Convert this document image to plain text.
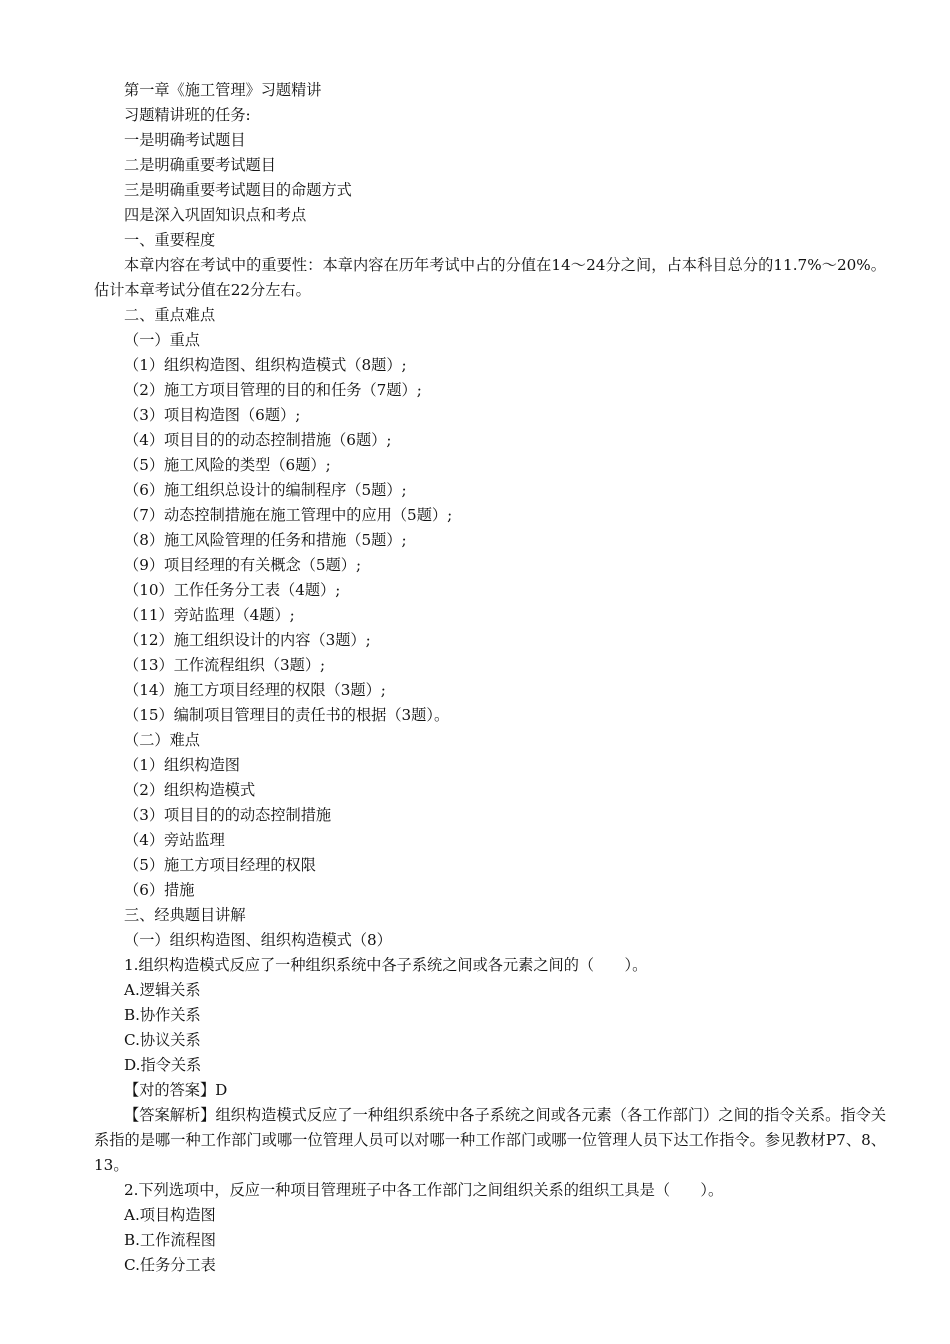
第一章《施工管理》习题精讲
习题精讲班的任务:
一是明确考试题目
二是明确重要考试题目
三是明确重要考试题目的命题方式
四是深入巩固知识点和考点
一、重要程度
本章内容在考试中的重要性：本章内容在历年考试中占的分值在14～24分之间，占本科目总分的11.7%～20%。估计本章考试分值在22分左右。
二、重点难点
（一）重点
（1）组织构造图、组织构造模式（8题）;
（2）施工方项目管理的目的和任务（7题）;
（3）项目构造图（6题）;
（4）项目目的的动态控制措施（6题）;
（5）施工风险的类型（6题）;
（6）施工组织总设计的编制程序（5题）;
（7）动态控制措施在施工管理中的应用（5题）;
（8）施工风险管理的任务和措施（5题）;
（9）项目经理的有关概念（5题）;
（10）工作任务分工表（4题）;
（11）旁站监理（4题）;
（12）施工组织设计的内容（3题）;
（13）工作流程组织（3题）;
（14）施工方项目经理的权限（3题）;
（15）编制项目管理目的责任书的根据（3题）。
（二）难点
（1）组织构造图
（2）组织构造模式
（3）项目目的的动态控制措施
（4）旁站监理
（5）施工方项目经理的权限
（6）措施
三、经典题目讲解
（一）组织构造图、组织构造模式（8）
1.组织构造模式反应了一种组织系统中各子系统之间或各元素之间的（　　）。
A.逻辑关系
B.协作关系
C.协议关系
D.指令关系
【对的答案】D
【答案解析】组织构造模式反应了一种组织系统中各子系统之间或各元素（各工作部门）之间的指令关系。指令关系指的是哪一种工作部门或哪一位管理人员可以对哪一种工作部门或哪一位管理人员下达工作指令。参见教材P7、8、13。
2.下列选项中，反应一种项目管理班子中各工作部门之间组织关系的组织工具是（　　）。
A.项目构造图
B.工作流程图
C.任务分工表
